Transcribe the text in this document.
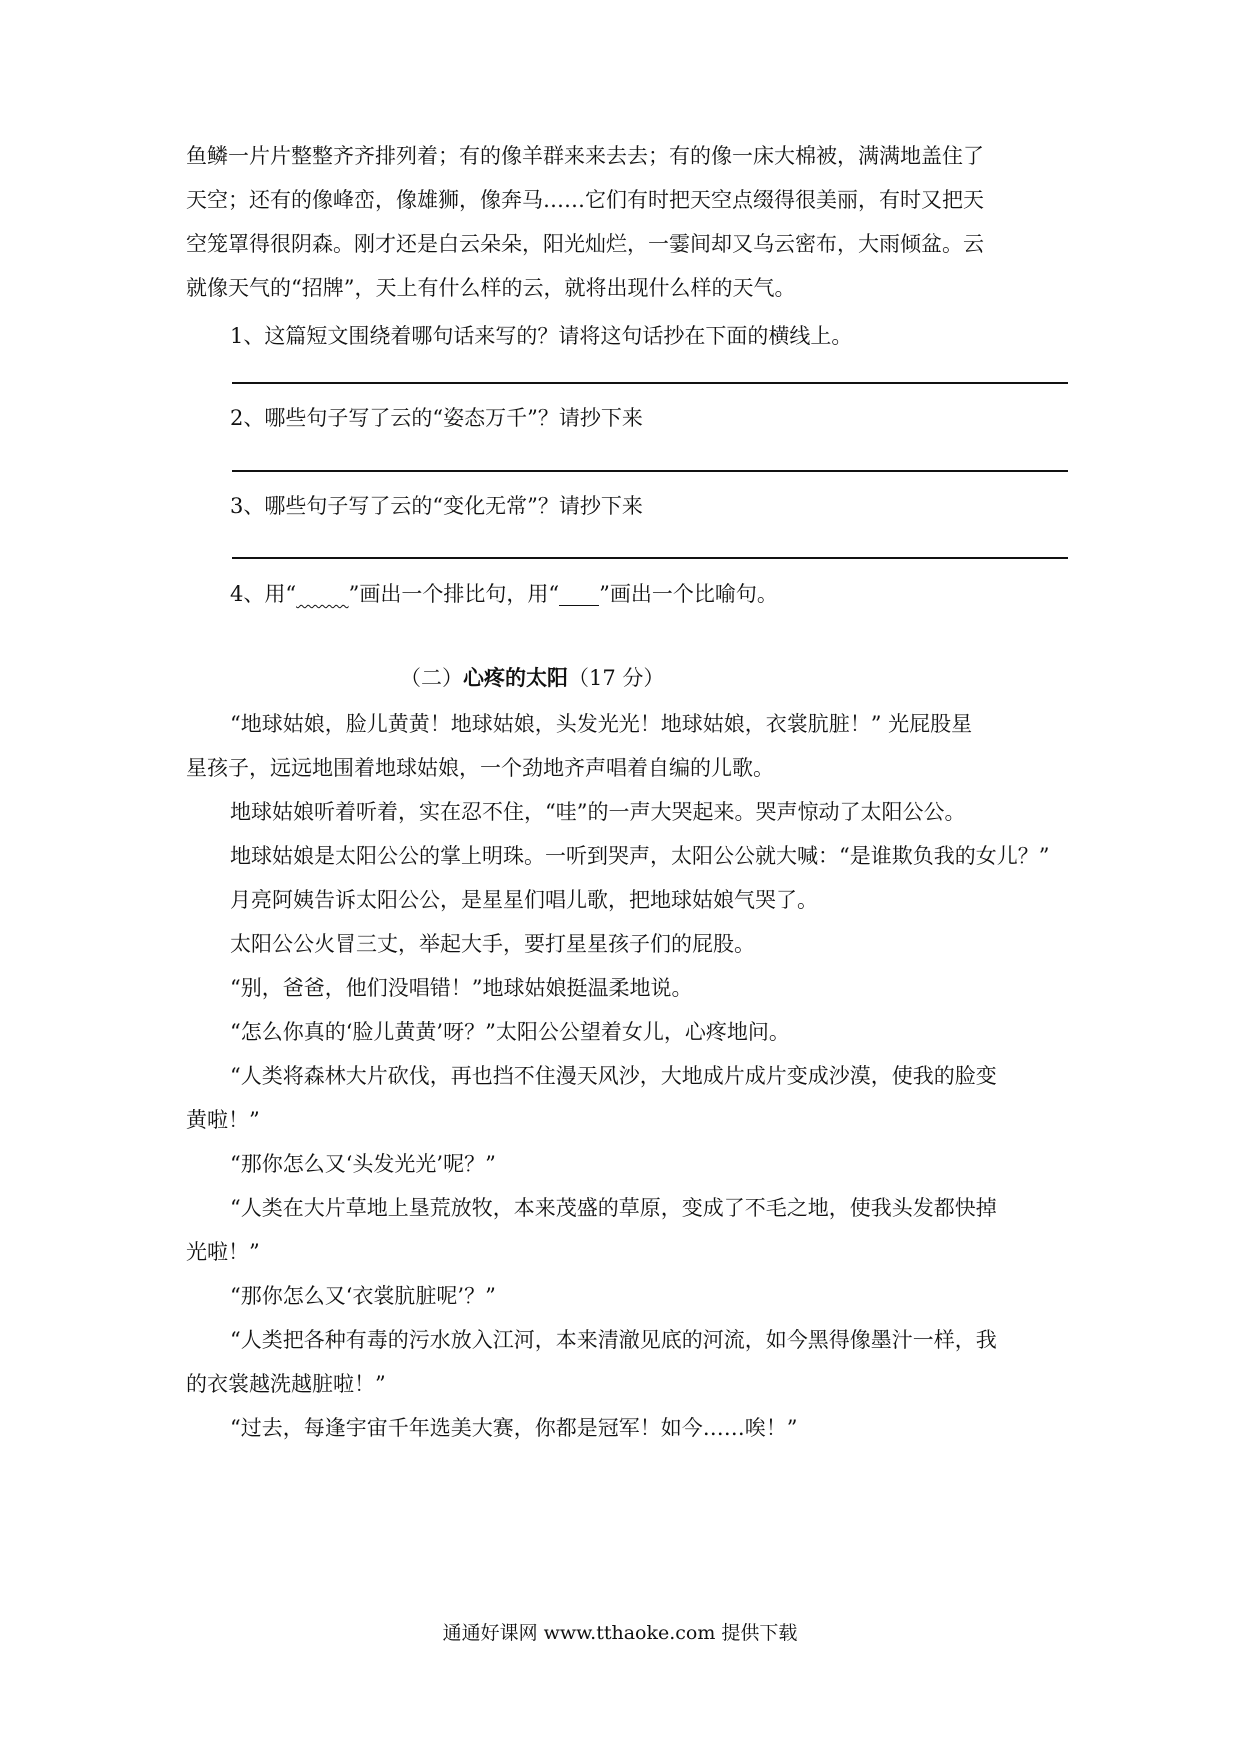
鱼鳞一片片整整齐齐排列着；有的像羊群来来去去；有的像一床大棉被，满满地盖住了
天空；还有的像峰峦，像雄狮，像奔马……它们有时把天空点缀得很美丽，有时又把天
空笼罩得很阴森。刚才还是白云朵朵，阳光灿烂，一霎间却又乌云密布，大雨倾盆。云
就像天气的“招牌”，天上有什么样的云，就将出现什么样的天气。
1、这篇短文围绕着哪句话来写的？请将这句话抄在下面的横线上。
2、哪些句子写了云的“姿态万千”？请抄下来
3、哪些句子写了云的“变化无常”？请抄下来
4、用“	”画出一个排比句，用“ ”画出一个比喻句。
（二）心疼的太阳（17 分）
“地球姑娘，脸儿黄黄！地球姑娘，头发光光！地球姑娘，衣裳肮脏！” 光屁股星
星孩子，远远地围着地球姑娘，一个劲地齐声唱着自编的儿歌。
地球姑娘听着听着，实在忍不住，“哇”的一声大哭起来。哭声惊动了太阳公公。
地球姑娘是太阳公公的掌上明珠。一听到哭声，太阳公公就大喊：“是谁欺负我的女儿？”
月亮阿姨告诉太阳公公，是星星们唱儿歌，把地球姑娘气哭了。
太阳公公火冒三丈，举起大手，要打星星孩子们的屁股。
“别，爸爸，他们没唱错！”地球姑娘挺温柔地说。
“怎么你真的‘脸儿黄黄’呀？”太阳公公望着女儿，心疼地问。
“人类将森林大片砍伐，再也挡不住漫天风沙，大地成片成片变成沙漠，使我的脸变
黄啦！”
“那你怎么又‘头发光光’呢？”
“人类在大片草地上垦荒放牧，本来茂盛的草原，变成了不毛之地，使我头发都快掉
光啦！”
“那你怎么又‘衣裳肮脏呢’？”
“人类把各种有毒的污水放入江河，本来清澈见底的河流，如今黑得像墨汁一样，我
的衣裳越洗越脏啦！”
“过去，每逢宇宙千年选美大赛，你都是冠军！如今……唉！”
通通好课网 www.tthaoke.com 提供下载
